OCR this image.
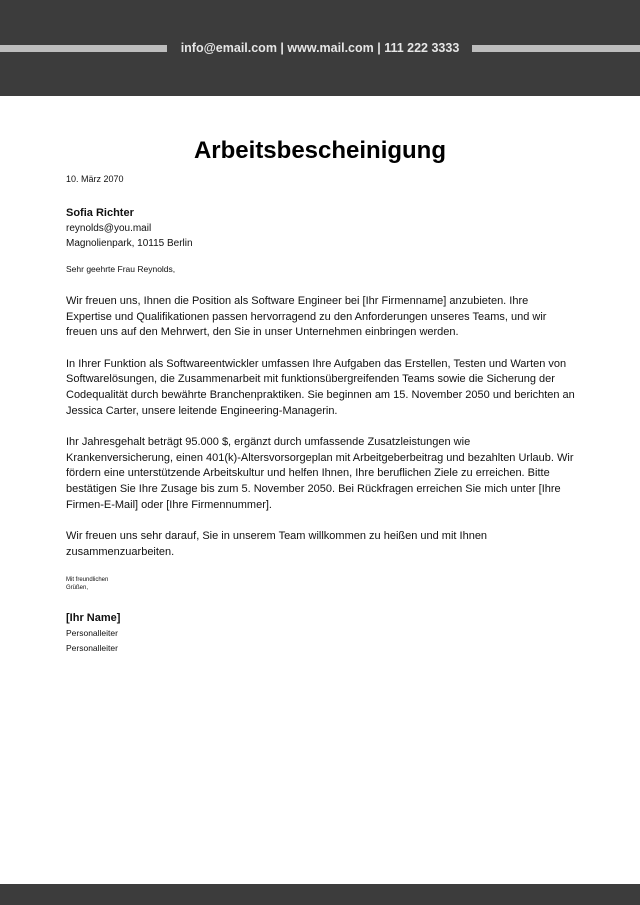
info@email.com | www.mail.com | 111 222 3333
Arbeitsbescheinigung

10. März 2070

Sofia Richter

reynolds@you.mail

Magnolienpark, 10115 Berlin

Sehr geehrte Frau Reynolds,

Wir freuen uns, Ihnen die Position als Software Engineer bei [Ihr Firmenname] anzubieten. Ihre Expertise und Qualifikationen passen hervorragend zu den Anforderungen unseres Teams, und wir freuen uns auf den Mehrwert, den Sie in unser Unternehmen einbringen werden.

In Ihrer Funktion als Softwareentwickler umfassen Ihre Aufgaben das Erstellen, Testen und Warten von Softwarelösungen, die Zusammenarbeit mit funktionsübergreifenden Teams sowie die Sicherung der Codequalität durch bewährte Branchenpraktiken. Sie beginnen am 15. November 2050 und berichten an Jessica Carter, unsere leitende Engineering-Managerin.

Ihr Jahresgehalt beträgt 95.000 $, ergänzt durch umfassende Zusatzleistungen wie Krankenversicherung, einen 401(k)-Altersvorsorgeplan mit Arbeitgeberbeitrag und bezahlten Urlaub. Wir fördern eine unterstützende Arbeitskultur und helfen Ihnen, Ihre beruflichen Ziele zu erreichen. Bitte bestätigen Sie Ihre Zusage bis zum 5. November 2050. Bei Rückfragen erreichen Sie mich unter [Ihre Firmen-E-Mail] oder [Ihre Firmennummer].

Wir freuen uns sehr darauf, Sie in unserem Team willkommen zu heißen und mit Ihnen zusammenzuarbeiten.

Mit freundlichen Grüßen,

[Ihr Name]

Personalleiter

Personalleiter
